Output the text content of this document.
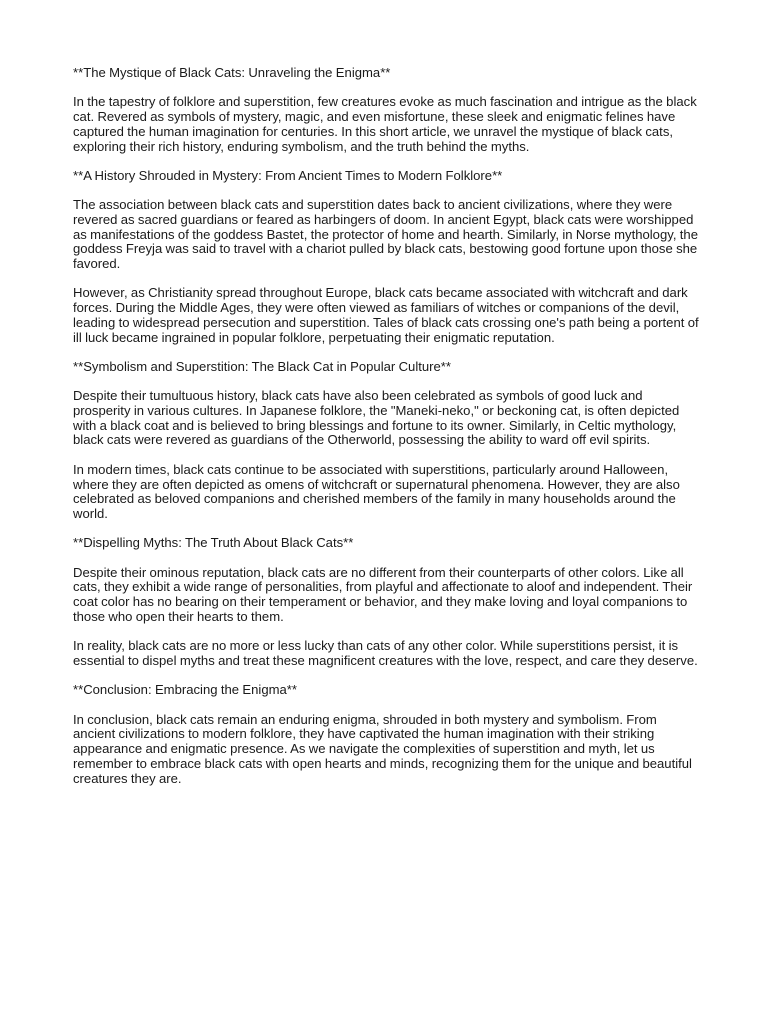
**The Mystique of Black Cats: Unraveling the Enigma**

In the tapestry of folklore and superstition, few creatures evoke as much fascination and intrigue as the black cat. Revered as symbols of mystery, magic, and even misfortune, these sleek and enigmatic felines have captured the human imagination for centuries. In this short article, we unravel the mystique of black cats, exploring their rich history, enduring symbolism, and the truth behind the myths.

**A History Shrouded in Mystery: From Ancient Times to Modern Folklore**

The association between black cats and superstition dates back to ancient civilizations, where they were revered as sacred guardians or feared as harbingers of doom. In ancient Egypt, black cats were worshipped as manifestations of the goddess Bastet, the protector of home and hearth. Similarly, in Norse mythology, the goddess Freyja was said to travel with a chariot pulled by black cats, bestowing good fortune upon those she favored.

However, as Christianity spread throughout Europe, black cats became associated with witchcraft and dark forces. During the Middle Ages, they were often viewed as familiars of witches or companions of the devil, leading to widespread persecution and superstition. Tales of black cats crossing one's path being a portent of ill luck became ingrained in popular folklore, perpetuating their enigmatic reputation.

**Symbolism and Superstition: The Black Cat in Popular Culture**

Despite their tumultuous history, black cats have also been celebrated as symbols of good luck and prosperity in various cultures. In Japanese folklore, the "Maneki-neko," or beckoning cat, is often depicted with a black coat and is believed to bring blessings and fortune to its owner. Similarly, in Celtic mythology, black cats were revered as guardians of the Otherworld, possessing the ability to ward off evil spirits.

In modern times, black cats continue to be associated with superstitions, particularly around Halloween, where they are often depicted as omens of witchcraft or supernatural phenomena. However, they are also celebrated as beloved companions and cherished members of the family in many households around the world.

**Dispelling Myths: The Truth About Black Cats**

Despite their ominous reputation, black cats are no different from their counterparts of other colors. Like all cats, they exhibit a wide range of personalities, from playful and affectionate to aloof and independent. Their coat color has no bearing on their temperament or behavior, and they make loving and loyal companions to those who open their hearts to them.

In reality, black cats are no more or less lucky than cats of any other color. While superstitions persist, it is essential to dispel myths and treat these magnificent creatures with the love, respect, and care they deserve.

**Conclusion: Embracing the Enigma**

In conclusion, black cats remain an enduring enigma, shrouded in both mystery and symbolism. From ancient civilizations to modern folklore, they have captivated the human imagination with their striking appearance and enigmatic presence. As we navigate the complexities of superstition and myth, let us remember to embrace black cats with open hearts and minds, recognizing them for the unique and beautiful creatures they are.
